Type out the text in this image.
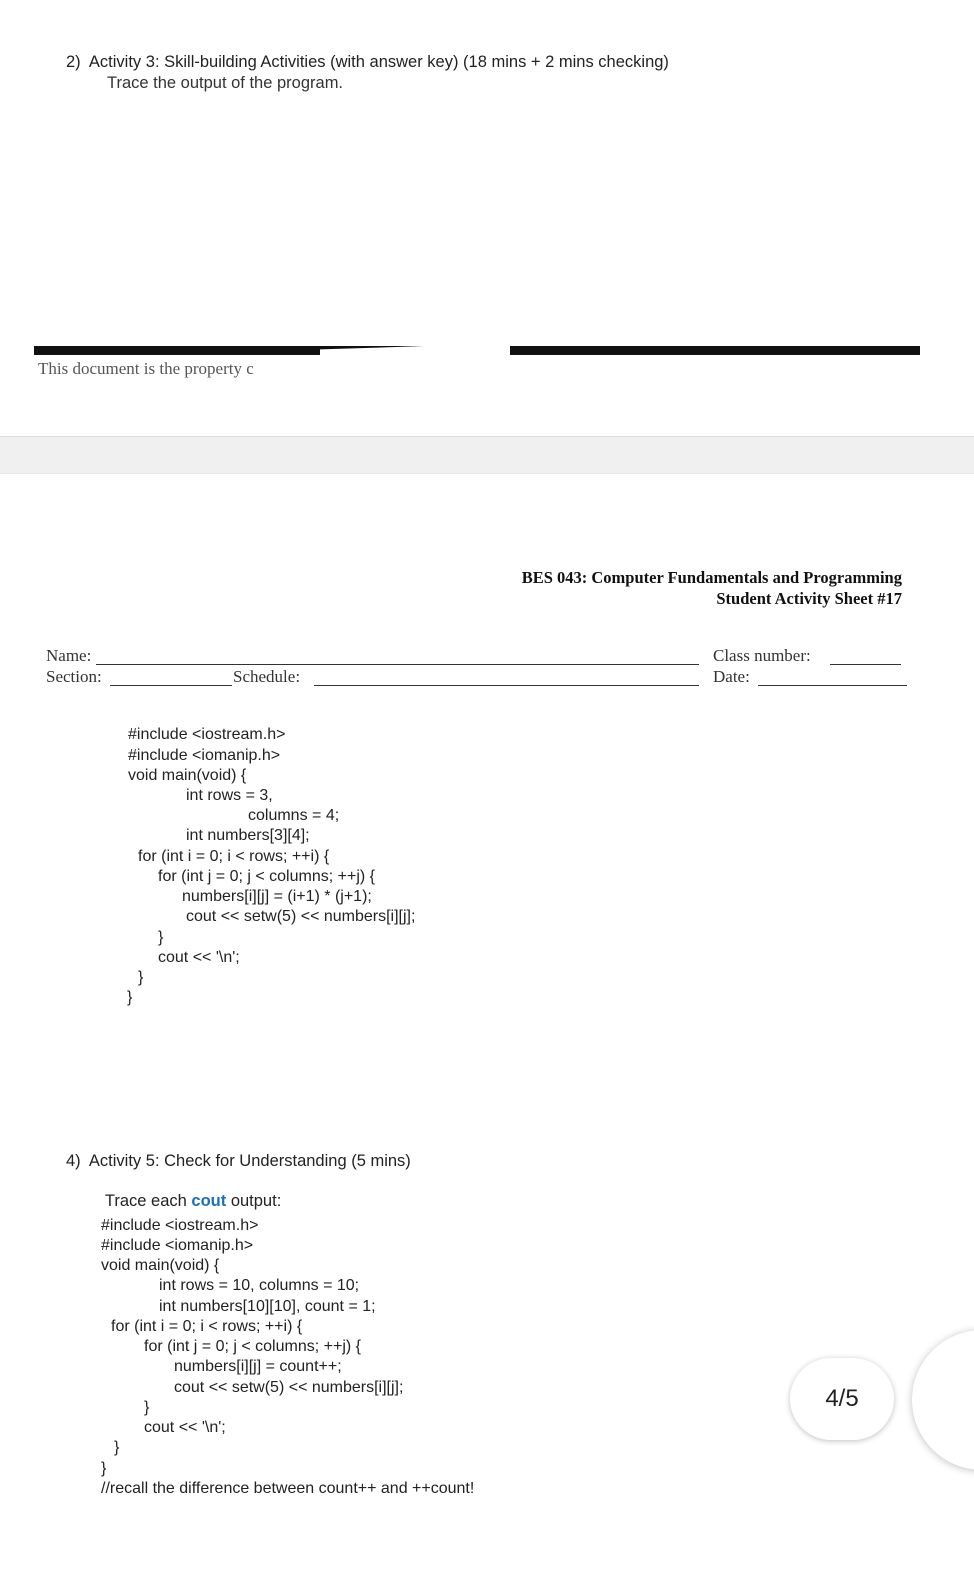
2)  Activity 3: Skill-building Activities (with answer key) (18 mins + 2 mins checking)
Trace the output of the program.
This document is the property c
BES 043: Computer Fundamentals and Programming
Student Activity Sheet #17
Name:	Class number:
Section:	Schedule:	Date:
#include <iostream.h>
#include <iomanip.h>
void main(void) {
int rows = 3,
columns = 4;
int numbers[3][4];
for (int i = 0; i < rows; ++i) {
for (int j = 0; j < columns; ++j) {
numbers[i][j] = (i+1) * (j+1);
cout << setw(5) << numbers[i][j];
}
cout << '\n';
}
}
4)  Activity 5: Check for Understanding (5 mins)

Trace each cout output:

#include <iostream.h>
#include <iomanip.h>
void main(void) {
int rows = 10, columns = 10;
int numbers[10][10], count = 1;
for (int i = 0; i < rows; ++i) {
for (int j = 0; j < columns; ++j) {
numbers[i][j] = count++;
cout << setw(5) << numbers[i][j];
}
cout << '\n';
}
}
//recall the difference between count++ and ++count!
4/5
